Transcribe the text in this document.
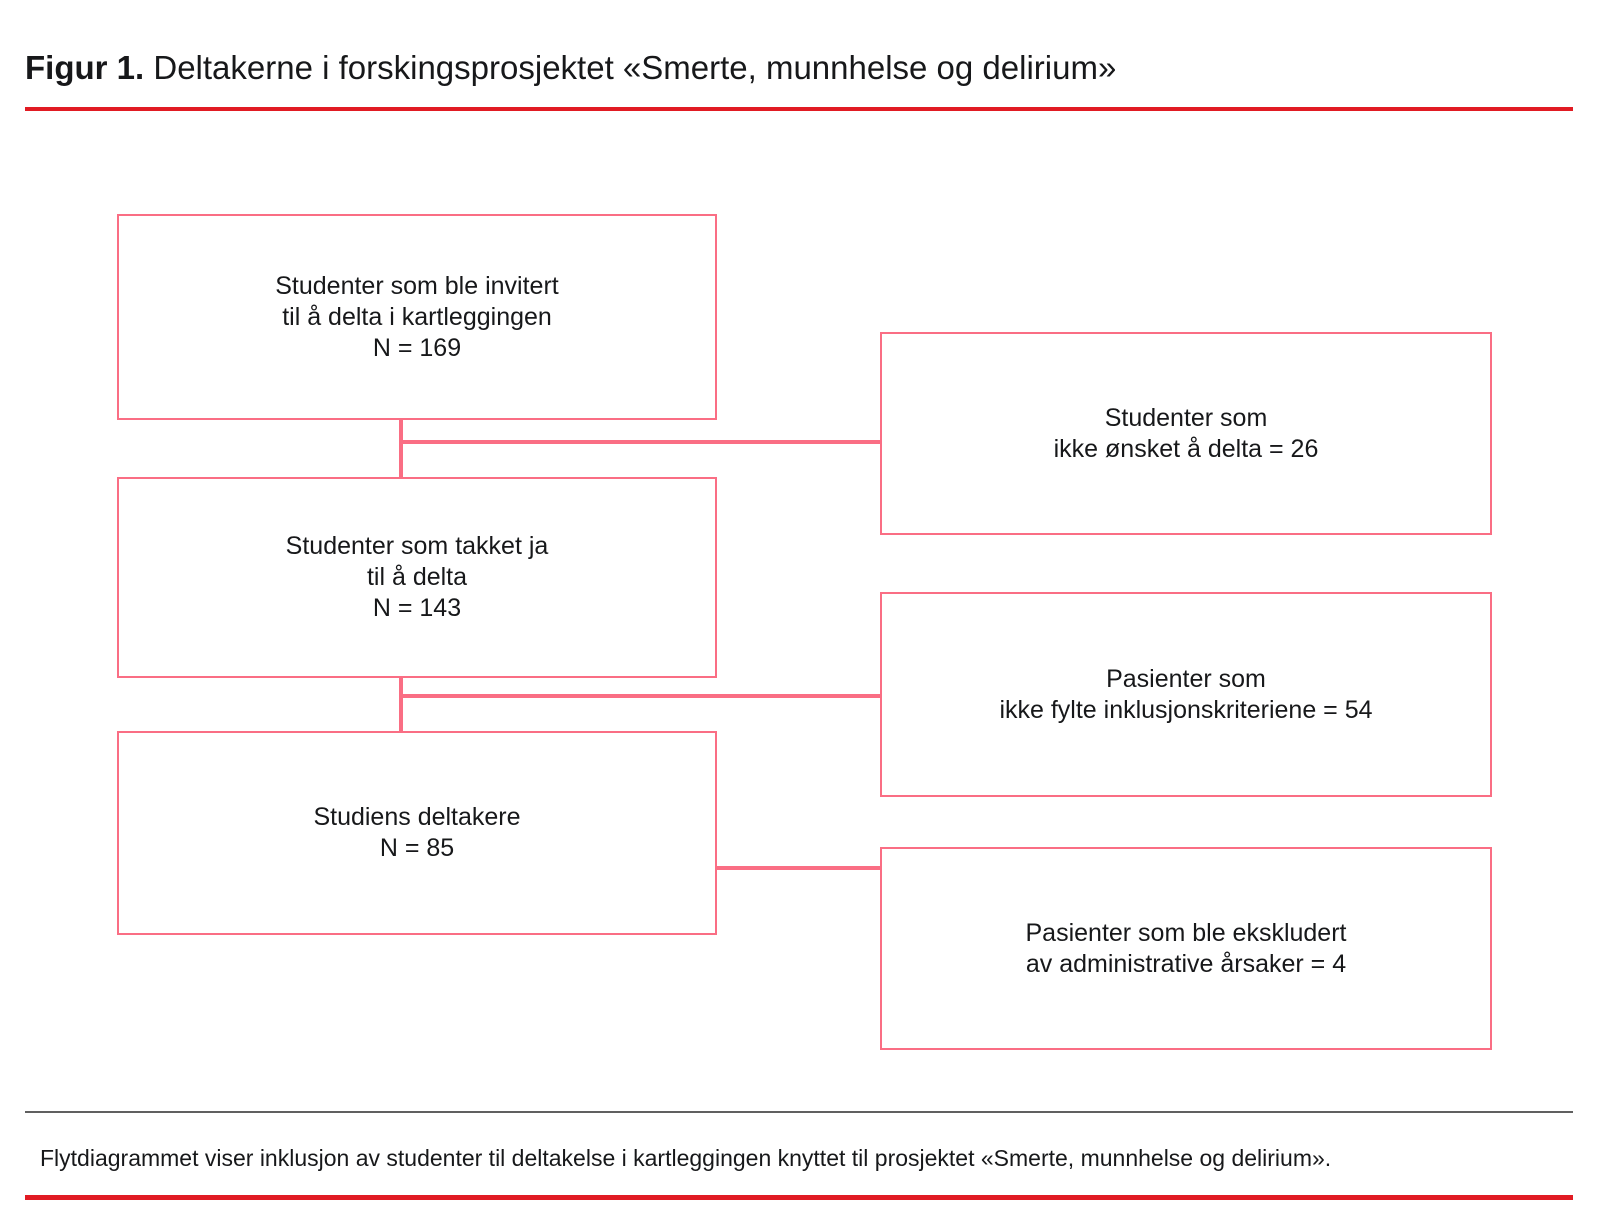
Figur 1. Deltakerne i forskingsprosjektet «Smerte, munnhelse og delirium»
Studenter som ble invitert
til å delta i kartleggingen
N = 169
Studenter som takket ja
til å delta
N = 143
Studiens deltakere
N = 85
Studenter som
ikke ønsket å delta = 26
Pasienter som
ikke fylte inklusjonskriteriene = 54
Pasienter som ble ekskludert
av administrative årsaker = 4
Flytdiagrammet viser inklusjon av studenter til deltakelse i kartleggingen knyttet til prosjektet «Smerte, munnhelse og delirium».
